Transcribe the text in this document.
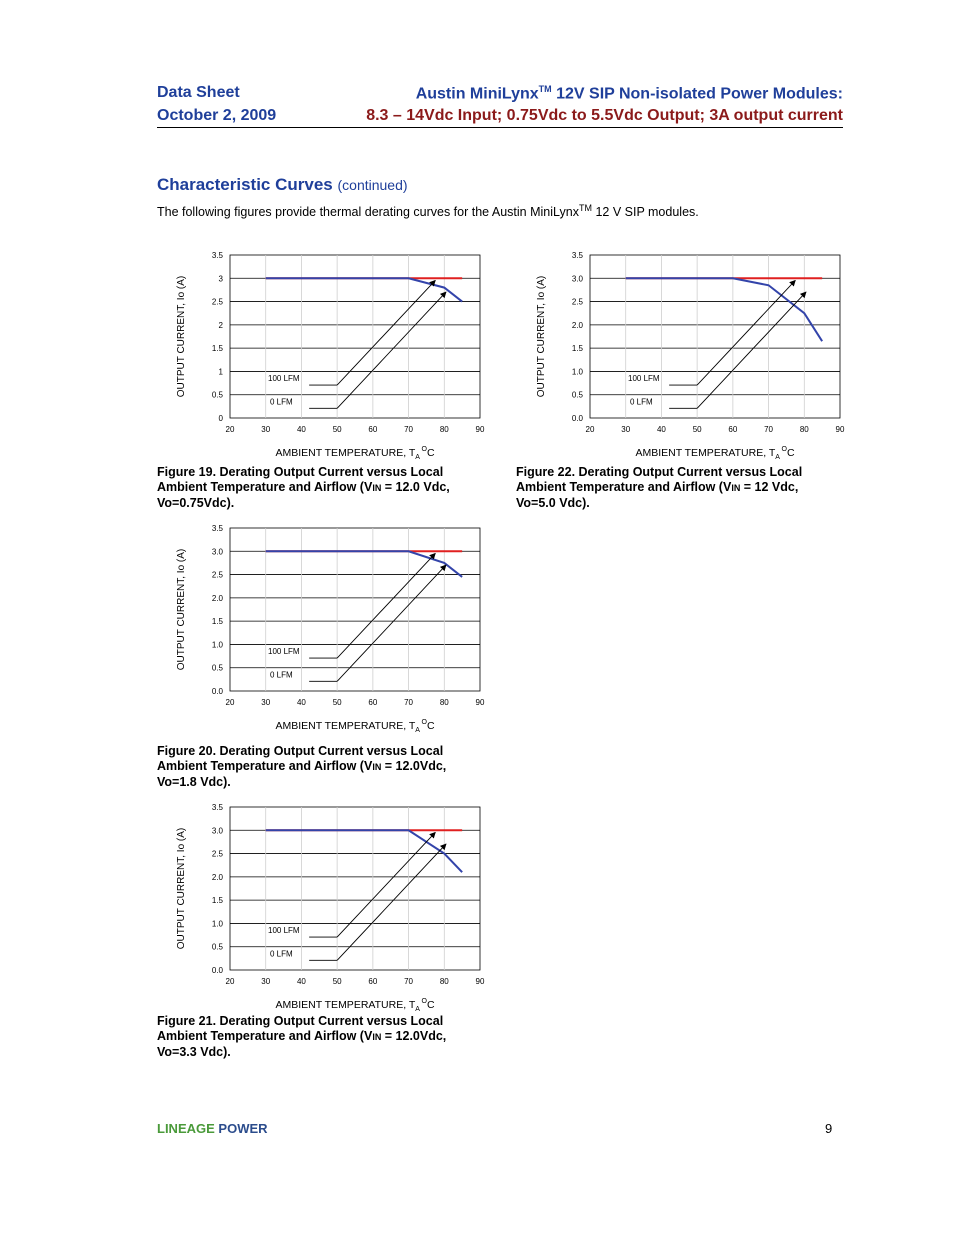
Data Sheet
October 2, 2009
Austin MiniLynx™ 12V SIP Non-isolated Power Modules:
8.3 – 14Vdc Input; 0.75Vdc to 5.5Vdc Output; 3A output current
Characteristic Curves (continued)
The following figures provide thermal derating curves for the Austin MiniLynx™ 12 V SIP modules.
0
0.5
1
1.5
2
2.5
3
3.5
20	30	40	50	60	70	80	90
100 LFM
0 LFM
OUTPUT CURRENT, Io (A)
AMBIENT TEMPERATURE, $T_A$ $^O$C
0.0
0.5
1.0
1.5
2.0
2.5
3.0
3.5
20	30	40	50	60	70	80	90
100 LFM
0 LFM
OUTPUT CURRENT, Io (A)
AMBIENT TEMPERATURE, $T_A$ $^O$C
0.0
0.5
1.0
1.5
2.0
2.5
3.0
3.5
20	30	40	50	60	70	80	90
100 LFM
0 LFM
OUTPUT CURRENT, Io (A)
AMBIENT TEMPERATURE, $T_A$ $^O$C
0.0
0.5
1.0
1.5
2.0
2.5
3.0
3.5
20	30	40	50	60	70	80	90
100 LFM
0 LFM
OUTPUT CURRENT, Io (A)
AMBIENT TEMPERATURE, $T_A$ $^O$C
Figure 19. Derating Output Current versus Local
Ambient Temperature and Airflow (VIN = 12.0 Vdc,
Vo=0.75Vdc).
Figure 22. Derating Output Current versus Local
Ambient Temperature and Airflow (VIN = 12 Vdc,
Vo=5.0 Vdc).
Figure 20. Derating Output Current versus Local
Ambient Temperature and Airflow (VIN = 12.0Vdc,
Vo=1.8 Vdc).
Figure 21. Derating Output Current versus Local
Ambient Temperature and Airflow (VIN = 12.0Vdc,
Vo=3.3 Vdc).
LINEAGE POWER	9
